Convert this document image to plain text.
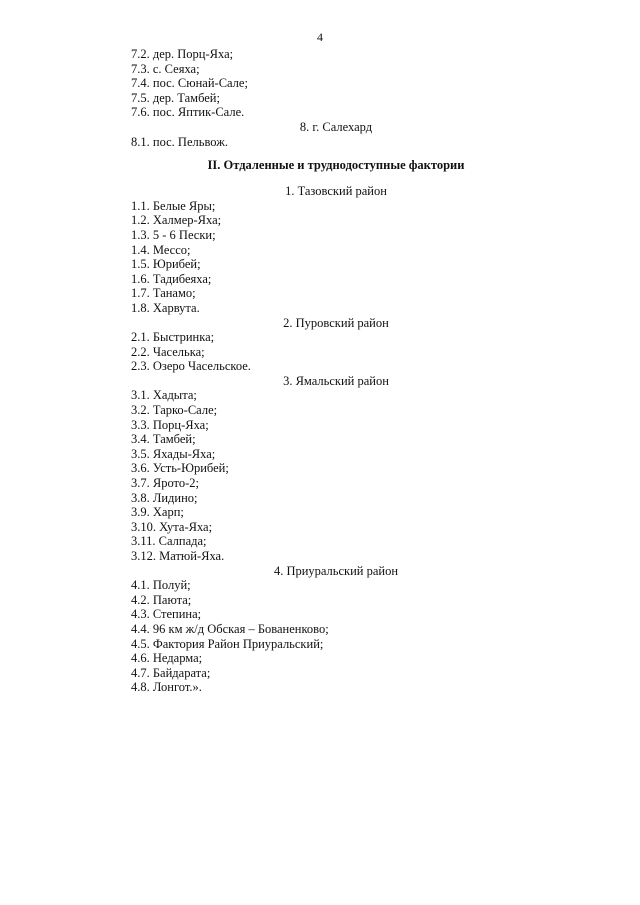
4
7.2. дер. Порц-Яха;
7.3. с. Сеяха;
7.4. пос. Сюнай-Сале;
7.5. дер. Тамбей;
7.6. пос. Яптик-Сале.
8. г. Салехард
8.1. пос. Пельвож.
II. Отдаленные и труднодоступные фактории
1. Тазовский район
1.1. Белые Яры;
1.2. Халмер-Яха;
1.3. 5 - 6 Пески;
1.4. Мессо;
1.5. Юрибей;
1.6. Тадибеяха;
1.7. Танамо;
1.8. Харвута.
2. Пуровский район
2.1. Быстринка;
2.2. Часелька;
2.3. Озеро Часельское.
3. Ямальский район
3.1. Хадыта;
3.2. Тарко-Сале;
3.3. Порц-Яха;
3.4. Тамбей;
3.5. Яхады-Яха;
3.6. Усть-Юрибей;
3.7. Ярото-2;
3.8. Лидино;
3.9. Харп;
3.10. Хута-Яха;
3.11. Салпада;
3.12. Матюй-Яха.
4. Приуральский район
4.1. Полуй;
4.2. Паюта;
4.3. Степина;
4.4. 96 км ж/д Обская – Бованенково;
4.5. Фактория Район Приуральский;
4.6. Недарма;
4.7. Байдарата;
4.8. Лонгот.».
